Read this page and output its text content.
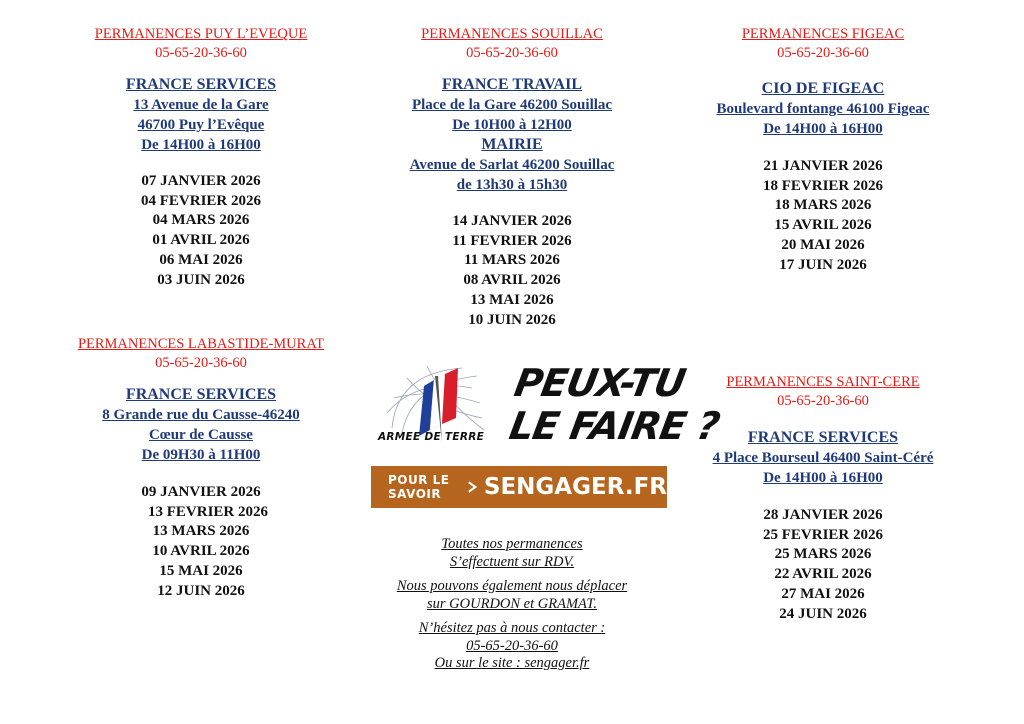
PERMANENCES PUY L’EVEQUE
05-65-20-36-60
FRANCE SERVICES
13 Avenue de la Gare
46700 Puy l’Evêque
De 14H00 à 16H00
07 JANVIER 2026
04 FEVRIER 2026
04 MARS 2026
01 AVRIL 2026
06 MAI 2026
03 JUIN 2026
PERMANENCES SOUILLAC
05-65-20-36-60
FRANCE TRAVAIL
Place de la Gare 46200 Souillac
De 10H00 à 12H00
MAIRIE
Avenue de Sarlat 46200 Souillac
de 13h30 à 15h30
14 JANVIER 2026
11 FEVRIER 2026
11 MARS 2026
08 AVRIL 2026
13 MAI 2026
10 JUIN 2026
PERMANENCES FIGEAC
05-65-20-36-60
CIO DE FIGEAC
Boulevard fontange 46100 Figeac
De 14H00 à 16H00
21 JANVIER 2026
18 FEVRIER 2026
18 MARS 2026
15 AVRIL 2026
20 MAI 2026
17 JUIN 2026
PERMANENCES LABASTIDE-MURAT
05-65-20-36-60
FRANCE SERVICES
8 Grande rue du Causse-46240
Cœur de Causse
De 09H30 à 11H00
09 JANVIER 2026
13 FEVRIER 2026
13 MARS 2026
10 AVRIL 2026
15 MAI 2026
12 JUIN 2026
PERMANENCES SAINT-CERE
05-65-20-36-60
FRANCE SERVICES
4 Place Bourseul 46400 Saint-Céré
De 14H00 à 16H00
28 JANVIER 2026
25 FEVRIER 2026
25 MARS 2026
22 AVRIL 2026
27 MAI 2026
24 JUIN 2026
ARMEE DE TERRE
PEUX-TU
LE FAIRE ?
POUR LE SAVOIR	SENGAGER.FR
Toutes nos permanences
S’effectuent sur RDV.
Nous pouvons également nous déplacer
sur GOURDON et GRAMAT.
N’hésitez pas à nous contacter :
05-65-20-36-60
Ou sur le site : sengager.fr
